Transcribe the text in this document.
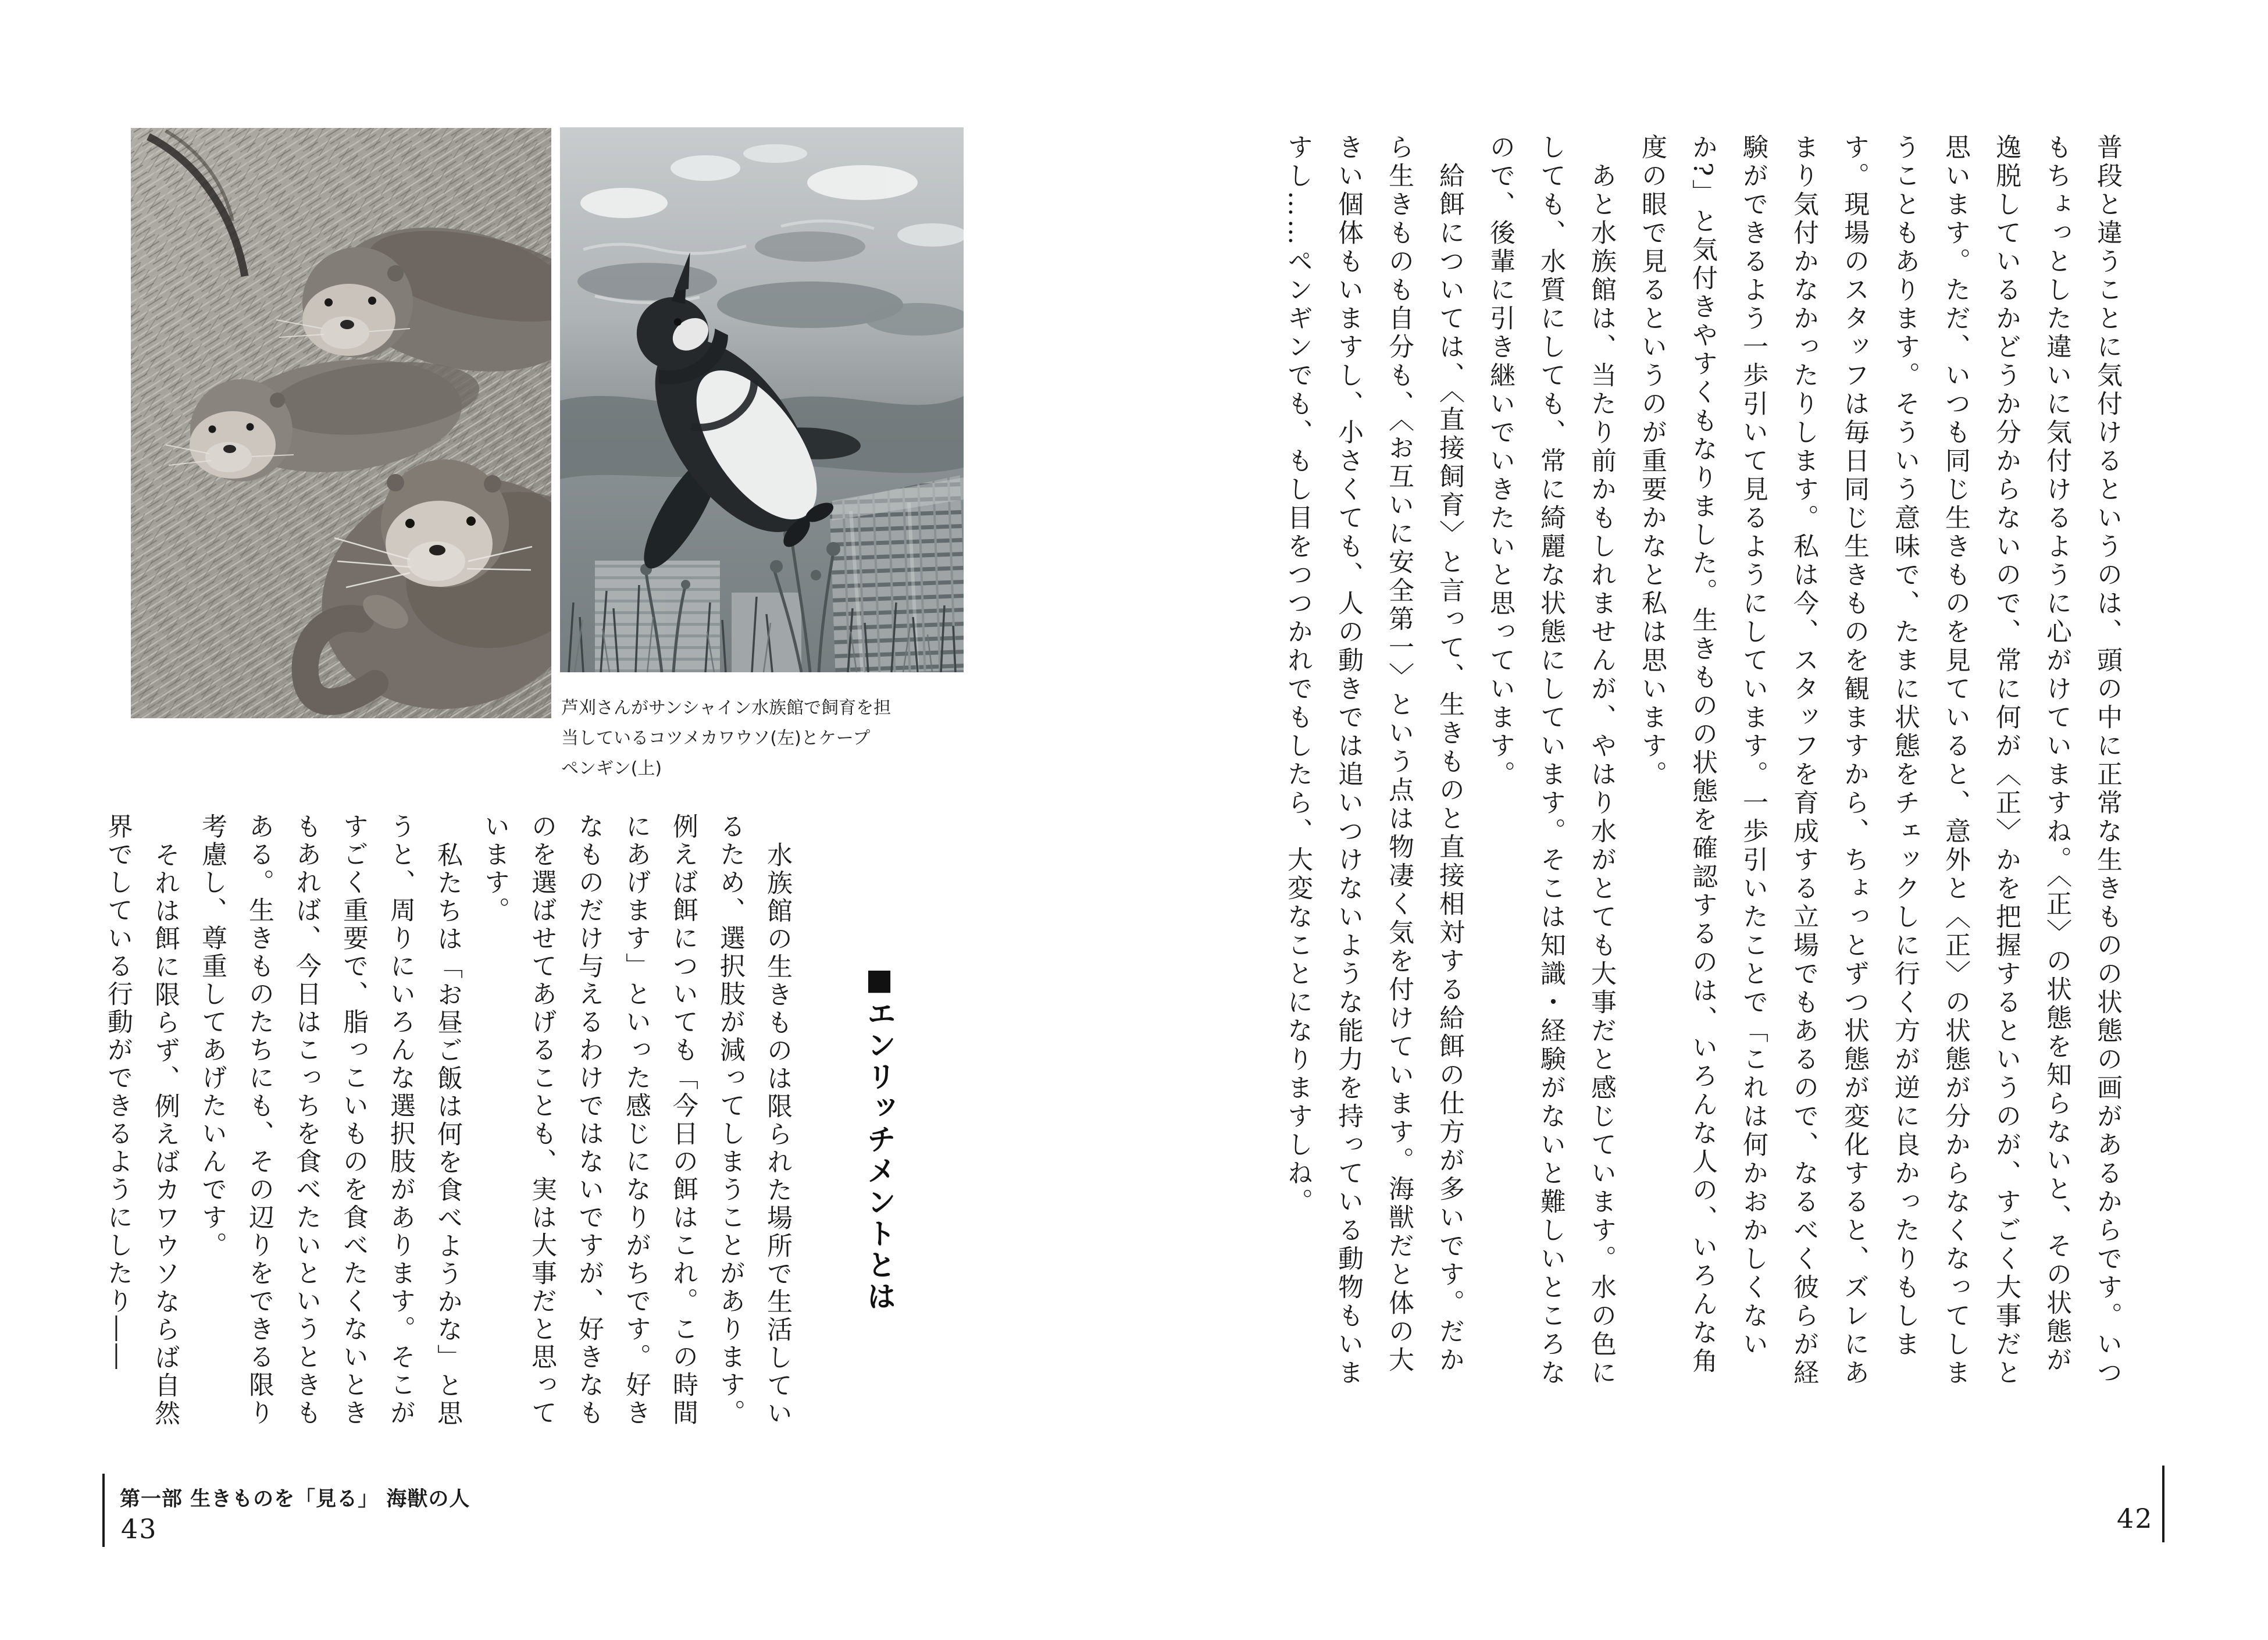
普段と違うことに気付けるというのは、頭の中に正常な生きものの状態の画があるからです。いつもちょっとした違いに気付けるように心がけていますね。〈正〉の状態を知らないと、その状態が逸脱しているかどうか分からないので、常に何が〈正〉かを把握するというのが、すごく大事だと思います。ただ、いつも同じ生きものを見ていると、意外と〈正〉の状態が分からなくなってしまうこともあります。そういう意味で、たまに状態をチェックしに行く方が逆に良かったりもします。現場のスタッフは毎日同じ生きものを観ますから、ちょっとずつ状態が変化すると、ズレにあまり気付かなかったりします。私は今、スタッフを育成する立場でもあるので、なるべく彼らが経験ができるよう一歩引いて見るようにしています。一歩引いたことで「これは何かおかしくないか?」と気付きやすくもなりました。生きものの状態を確認するのは、いろんな人の、いろんな角度の眼で見るというのが重要かなと私は思います。

あと水族館は、当たり前かもしれませんが、やはり水がとても大事だと感じています。水の色にしても、水質にしても、常に綺麗な状態にしています。そこは知識・経験がないと難しいところなので、後輩に引き継いでいきたいと思っています。

給餌については、〈直接飼育〉と言って、生きものと直接相対する給餌の仕方が多いです。だから生きものも自分も、〈お互いに安全第一〉という点は物凄く気を付けています。海獣だと体の大きい個体もいますし、小さくても、人の動きでは追いつけないような能力を持っている動物もいますし……ペンギンでも、もし目をつつかれでもしたら、大変なことになりますしね。

42
芦刈さんがサンシャイン水族館で飼育を担
当しているコツメカワウソ(左)とケープ
ペンギン(上)
■エンリッチメントとは

水族館の生きものは限られた場所で生活しているため、選択肢が減ってしまうことがあります。例えば餌についても「今日の餌はこれ。この時間にあげます」といった感じになりがちです。好きなものだけ与えるわけではないですが、好きなものを選ばせてあげることも、実は大事だと思っています。

私たちは「お昼ご飯は何を食べようかな」と思うと、周りにいろんな選択肢があります。そこがすごく重要で、脂っこいものを食べたくないときもあれば、今日はこっちを食べたいというときもある。生きものたちにも、その辺りをできる限り考慮し、尊重してあげたいんです。

それは餌に限らず、例えばカワウソならば自然界でしている行動ができるようにしたり――

第一部 生きものを「見る」 海獣の人
43
